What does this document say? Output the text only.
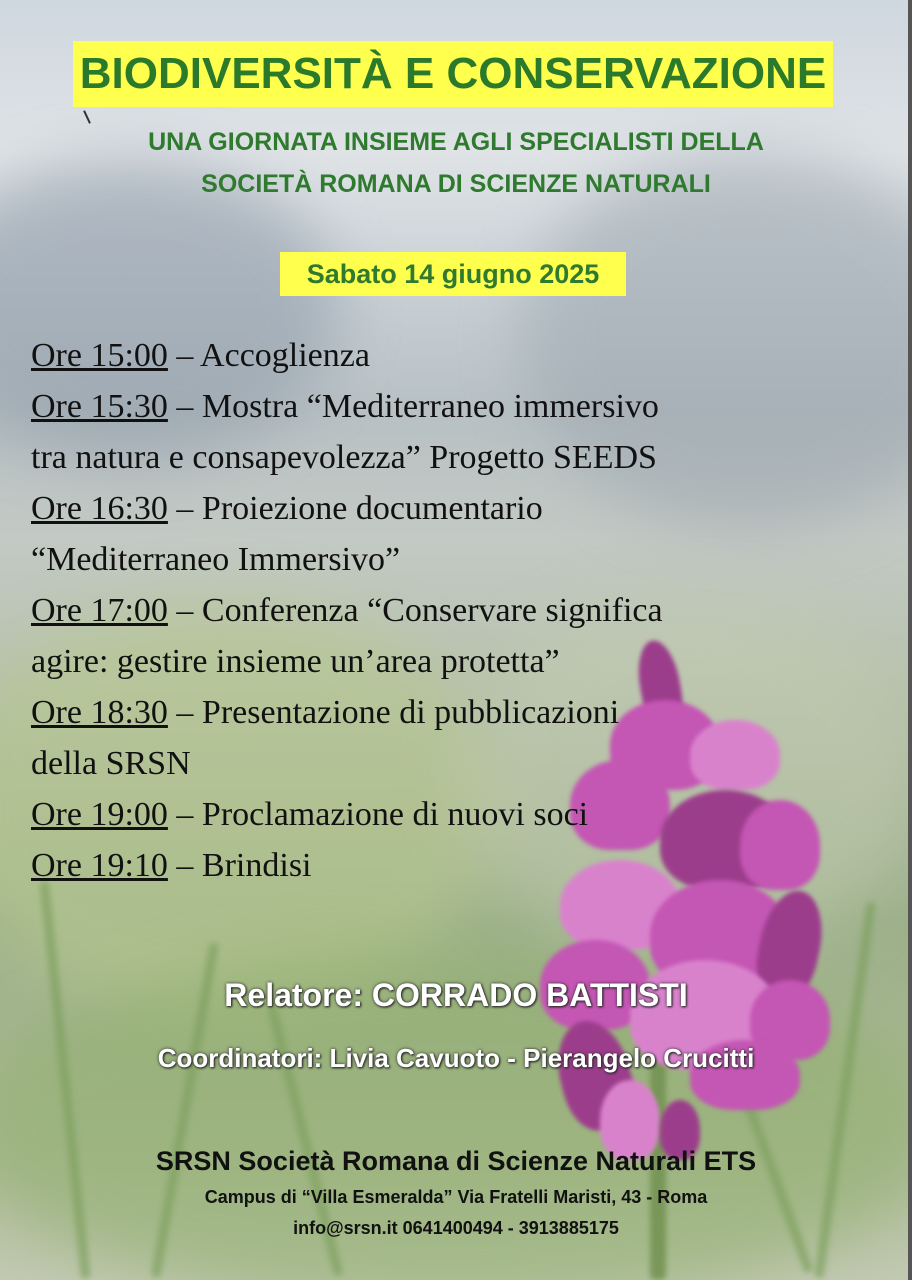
BIODIVERSITÀ E CONSERVAZIONE
UNA GIORNATA INSIEME AGLI SPECIALISTI DELLA
SOCIETÀ ROMANA DI SCIENZE NATURALI
Sabato 14 giugno 2025
Ore 15:00 – Accoglienza
Ore 15:30 – Mostra “Mediterraneo immersivo
tra natura e consapevolezza” Progetto SEEDS
Ore 16:30 – Proiezione documentario
“Mediterraneo Immersivo”
Ore 17:00 – Conferenza “Conservare significa
agire: gestire insieme un’area protetta”
Ore 18:30 – Presentazione di pubblicazioni
della SRSN
Ore 19:00 – Proclamazione di nuovi soci
Ore 19:10 – Brindisi
Relatore: CORRADO BATTISTI
Coordinatori: Livia Cavuoto - Pierangelo Crucitti
SRSN Società Romana di Scienze Naturali ETS
Campus di “Villa Esmeralda” Via Fratelli Maristi, 43 - Roma
info@srsn.it 0641400494 - 3913885175
